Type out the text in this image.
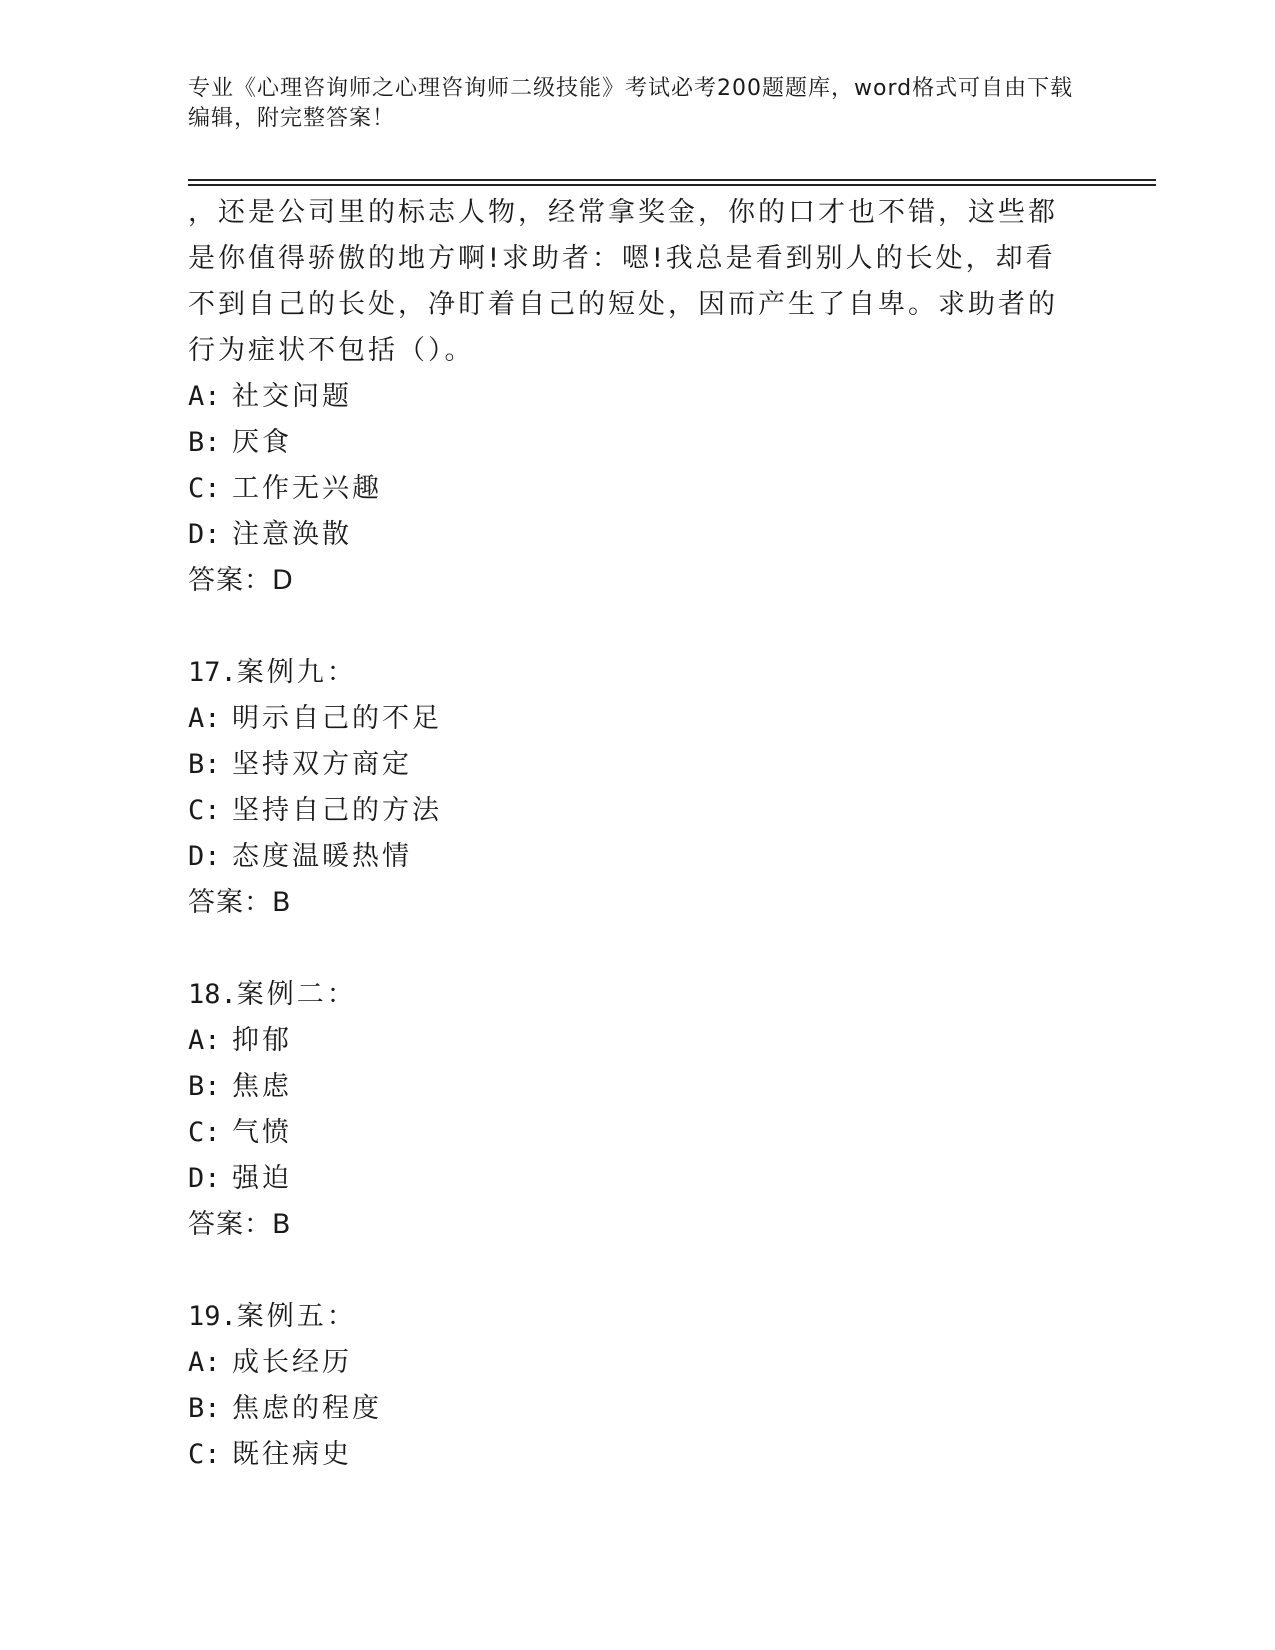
专业《心理咨询师之心理咨询师二级技能》考试必考200题题库，word格式可自由下载编辑，附完整答案！

，还是公司里的标志人物，经常拿奖金，你的口才也不错，这些都是你值得骄傲的地方啊!求助者：嗯!我总是看到别人的长处，却看不到自己的长处，净盯着自己的短处，因而产生了自卑。求助者的行为症状不包括（）。

A: 社交问题
B: 厌食
C: 工作无兴趣
D: 注意涣散
答案：D
17.案例九：
A: 明示自己的不足
B: 坚持双方商定
C: 坚持自己的方法
D: 态度温暖热情
答案：B
18.案例二：
A: 抑郁
B: 焦虑
C: 气愤
D: 强迫
答案：B
19.案例五：
A: 成长经历
B: 焦虑的程度
C: 既往病史
